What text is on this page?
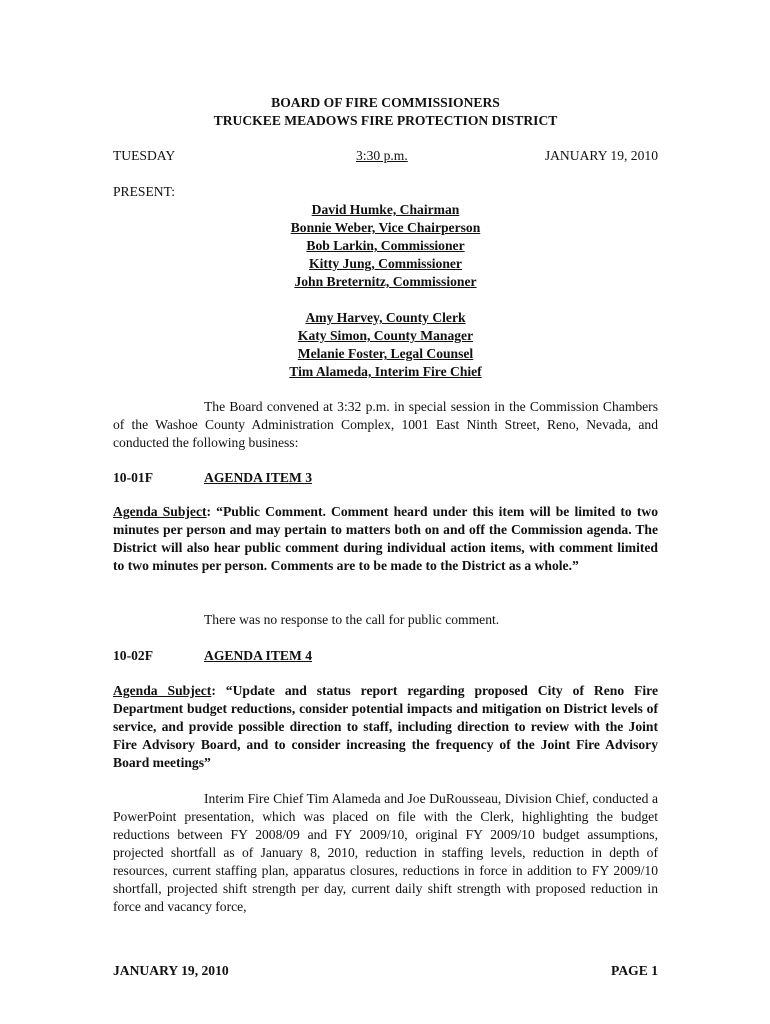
BOARD OF FIRE COMMISSIONERS
TRUCKEE MEADOWS FIRE PROTECTION DISTRICT
TUESDAY	3:30 p.m.	JANUARY 19, 2010
PRESENT:
David Humke, Chairman
Bonnie Weber, Vice Chairperson
Bob Larkin, Commissioner
Kitty Jung, Commissioner
John Breternitz, Commissioner
Amy Harvey, County Clerk
Katy Simon, County Manager
Melanie Foster, Legal Counsel
Tim Alameda, Interim Fire Chief
The Board convened at 3:32 p.m. in special session in the Commission Chambers of the Washoe County Administration Complex, 1001 East Ninth Street, Reno, Nevada, and conducted the following business:
10-01F	AGENDA ITEM 3
Agenda Subject: “Public Comment. Comment heard under this item will be limited to two minutes per person and may pertain to matters both on and off the Commission agenda. The District will also hear public comment during individual action items, with comment limited to two minutes per person. Comments are to be made to the District as a whole.”
There was no response to the call for public comment.
10-02F	AGENDA ITEM 4
Agenda Subject: “Update and status report regarding proposed City of Reno Fire Department budget reductions, consider potential impacts and mitigation on District levels of service, and provide possible direction to staff, including direction to review with the Joint Fire Advisory Board, and to consider increasing the frequency of the Joint Fire Advisory Board meetings”
Interim Fire Chief Tim Alameda and Joe DuRousseau, Division Chief, conducted a PowerPoint presentation, which was placed on file with the Clerk, highlighting the budget reductions between FY 2008/09 and FY 2009/10, original FY 2009/10 budget assumptions, projected shortfall as of January 8, 2010, reduction in staffing levels, reduction in depth of resources, current staffing plan, apparatus closures, reductions in force in addition to FY 2009/10 shortfall, projected shift strength per day, current daily shift strength with proposed reduction in force and vacancy force,
JANUARY 19, 2010	PAGE 1
